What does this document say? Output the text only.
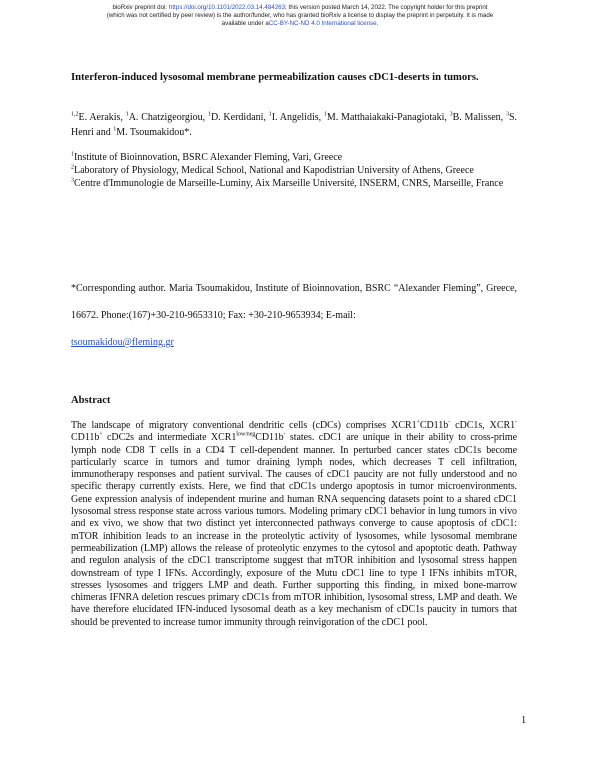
bioRxiv preprint doi: https://doi.org/10.1101/2022.03.14.484263; this version posted March 14, 2022. The copyright holder for this preprint
(which was not certified by peer review) is the author/funder, who has granted bioRxiv a license to display the preprint in perpetuity. It is made
available under aCC-BY-NC-ND 4.0 International license.
Interferon-induced lysosomal membrane permeabilization causes cDC1-deserts in tumors.
$^{1,2}$E. Aerakis, $^1$A. Chatzigeorgiou, $^1$D. Kerdidani, $^1$I. Angelidis, $^1$M. Matthaiakaki-Panagiotaki, $^3$B. Malissen, $^3$S. Henri and $^1$M. Tsoumakidou*.

$^1$Institute of Bioinnovation, BSRC Alexander Fleming, Vari, Greece

$^2$Laboratory of Physiology, Medical School, National and Kapodistrian University of Athens, Greece

$^3$Centre d'Immunologie de Marseille-Luminy, Aix Marseille Université, INSERM, CNRS, Marseille, France

*Corresponding author. Maria Tsoumakidou, Institute of Bioinnovation, BSRC “Alexander Fleming”, Greece, 16672. Phone:(167)+30-210-9653310; Fax: +30-210-9653934; E-mail:
tsoumakidou@fleming.gr
Abstract
The landscape of migratory conventional dendritic cells (cDCs) comprises XCR1+CD11b- cDC1s, XCR1-CD11b+ cDC2s and intermediate $XCR1^{low/neg}CD11b^-$ states. cDC1 are unique in their ability to cross-prime lymph node CD8 T cells in a CD4 T cell-dependent manner. In perturbed cancer states cDC1s become particularly scarce in tumors and tumor draining lymph nodes, which decreases T cell infiltration, immunotherapy responses and patient survival. The causes of cDC1 paucity are not fully understood and no specific therapy currently exists. Here, we find that cDC1s undergo apoptosis in tumor microenvironments. Gene expression analysis of independent murine and human RNA sequencing datasets point to a shared cDC1 lysosomal stress response state across various tumors. Modeling primary cDC1 behavior in lung tumors in vivo and ex vivo, we show that two distinct yet interconnected pathways converge to cause apoptosis of cDC1: mTOR inhibition leads to an increase in the proteolytic activity of lysosomes, while lysosomal membrane permeabilization (LMP) allows the release of proteolytic enzymes to the cytosol and apoptotic death. Pathway and regulon analysis of the cDC1 transcriptome suggest that mTOR inhibition and lysosomal stress happen downstream of type I IFNs. Accordingly, exposure of the Mutu cDC1 line to type I IFNs inhibits mTOR, stresses lysosomes and triggers LMP and death. Further supporting this finding, in mixed bone-marrow chimeras IFNRA deletion rescues primary cDC1s from mTOR inhibition, lysosomal stress, LMP and death. We have therefore elucidated IFN-induced lysosomal death as a key mechanism of cDC1s paucity in tumors that should be prevented to increase tumor immunity through reinvigoration of the cDC1 pool.
1
